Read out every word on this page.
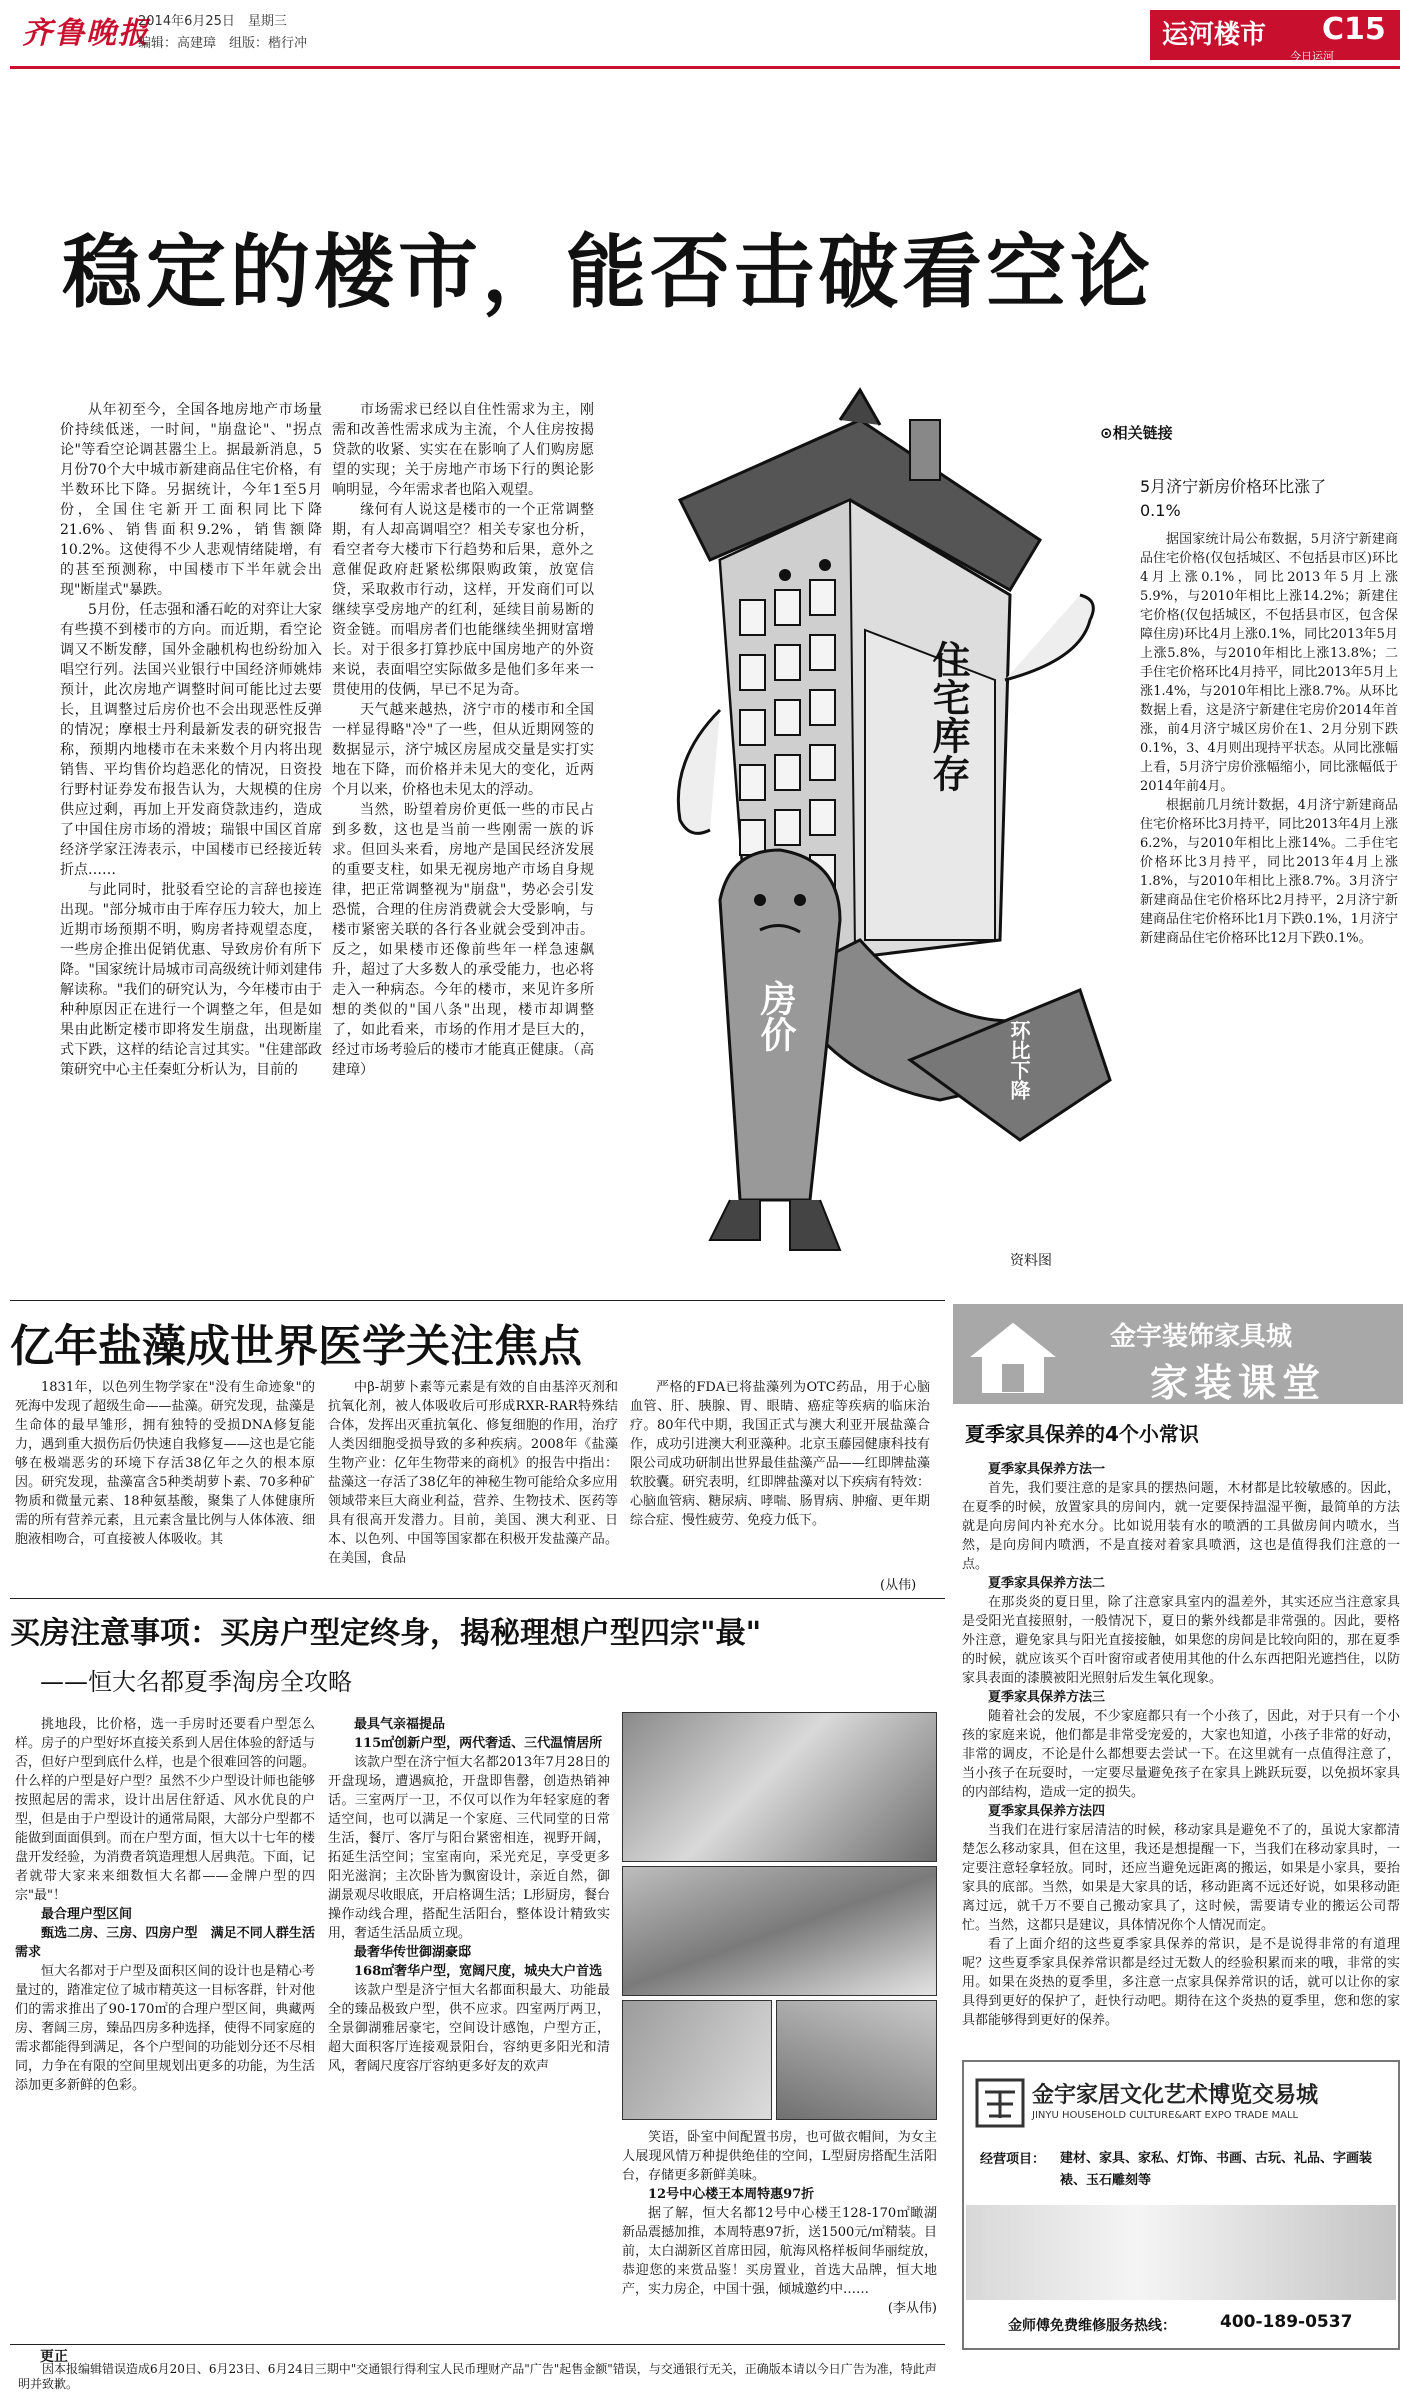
齐鲁晚报
2014年6月25日　星期三
编辑：高建璋　组版：楷行冲	运河楼市 C15
今日运河
稳定的楼市，能否击破看空论

从年初至今，全国各地房地产市场量价持续低迷，一时间，"崩盘论"、"拐点论"等看空论调甚嚣尘上。据最新消息，5月份70个大中城市新建商品住宅价格，有半数环比下降。另据统计，今年1至5月份，全国住宅新开工面积同比下降21.6%、销售面积9.2%，销售额降10.2%。这使得不少人悲观情绪陡增，有的甚至预测称，中国楼市下半年就会出现"断崖式"暴跌。

5月份，任志强和潘石屹的对弈让大家有些摸不到楼市的方向。而近期，看空论调又不断发酵，国外金融机构也纷纷加入唱空行列。法国兴业银行中国经济师姚炜预计，此次房地产调整时间可能比过去要长，且调整过后房价也不会出现恶性反弹的情况；摩根士丹利最新发表的研究报告称，预期内地楼市在未来数个月内将出现销售、平均售价均趋恶化的情况，日资投行野村证券发布报告认为，大规模的住房供应过剩，再加上开发商贷款违约，造成了中国住房市场的滑坡；瑞银中国区首席经济学家汪涛表示，中国楼市已经接近转折点……

与此同时，批驳看空论的言辞也接连出现。"部分城市由于库存压力较大，加上近期市场预期不明，购房者持观望态度，一些房企推出促销优惠、导致房价有所下降。"国家统计局城市司高级统计师刘建伟解读称。"我们的研究认为，今年楼市由于种种原因正在进行一个调整之年，但是如果由此断定楼市即将发生崩盘，出现断崖式下跌，这样的结论言过其实。"住建部政策研究中心主任秦虹分析认为，目前的

市场需求已经以自住性需求为主，刚需和改善性需求成为主流，个人住房按揭贷款的收紧、实实在在影响了人们购房愿望的实现；关于房地产市场下行的舆论影响明显，今年需求者也陷入观望。

缘何有人说这是楼市的一个正常调整期，有人却高调唱空？相关专家也分析，看空者夸大楼市下行趋势和后果，意外之意催促政府赶紧松绑限购政策，放宽信贷，采取救市行动，这样，开发商们可以继续享受房地产的红利，延续目前易断的资金链。而唱房者们也能继续坐拥财富增长。对于很多打算抄底中国房地产的外资来说，表面唱空实际做多是他们多年来一贯使用的伎俩，早已不足为奇。

天气越来越热，济宁市的楼市和全国一样显得略"冷"了一些，但从近期网签的数据显示，济宁城区房屋成交量是实打实地在下降，而价格并未见大的变化，近两个月以来，价格也未见太的浮动。

当然，盼望着房价更低一些的市民占到多数，这也是当前一些刚需一族的诉求。但回头来看，房地产是国民经济发展的重要支柱，如果无视房地产市场自身规律，把正常调整视为"崩盘"，势必会引发恐慌，合理的住房消费就会大受影响，与楼市紧密关联的各行各业就会受到冲击。反之，如果楼市还像前些年一样急速飙升，超过了大多数人的承受能力，也必将走入一种病态。今年的楼市，来见许多所想的类似的"国八条"出现，楼市却调整了，如此看来，市场的作用才是巨大的，经过市场考验后的楼市才能真正健康。（高建璋）

住宅库存
环比下降
房价
资料图
⊙相关链接
5月济宁新房价格环比涨了0.1%

据国家统计局公布数据，5月济宁新建商品住宅价格(仅包括城区、不包括县市区)环比4月上涨0.1%，同比2013年5月上涨5.9%，与2010年相比上涨14.2%；新建住宅价格(仅包括城区，不包括县市区，包含保障住房)环比4月上涨0.1%，同比2013年5月上涨5.8%，与2010年相比上涨13.8%；二手住宅价格环比4月持平，同比2013年5月上涨1.4%，与2010年相比上涨8.7%。从环比数据上看，这是济宁新建住宅房价2014年首涨，前4月济宁城区房价在1、2月分别下跌0.1%，3、4月则出现持平状态。从同比涨幅上看，5月济宁房价涨幅缩小，同比涨幅低于2014年前4月。

根据前几月统计数据，4月济宁新建商品住宅价格环比3月持平，同比2013年4月上涨6.2%，与2010年相比上涨14%。二手住宅价格环比3月持平，同比2013年4月上涨1.8%，与2010年相比上涨8.7%。3月济宁新建商品住宅价格环比2月持平，2月济宁新建商品住宅价格环比1月下跌0.1%，1月济宁新建商品住宅价格环比12月下跌0.1%。

亿年盐藻成世界医学关注焦点

1831年，以色列生物学家在"没有生命迹象"的死海中发现了超级生命——盐藻。研究发现，盐藻是生命体的最早雏形，拥有独特的受损DNA修复能力，遇到重大损伤后仍快速自我修复——这也是它能够在极端恶劣的环境下存活38亿年之久的根本原因。研究发现，盐藻富含5种类胡萝卜素、70多种矿物质和微量元素、18种氨基酸，聚集了人体健康所需的所有营养元素，且元素含量比例与人体体液、细胞液相吻合，可直接被人体吸收。其

中β-胡萝卜素等元素是有效的自由基淬灭剂和抗氧化剂，被人体吸收后可形成RXR-RAR特殊结合体，发挥出灭重抗氧化、修复细胞的作用，治疗人类因细胞受损导致的多种疾病。2008年《盐藻生物产业：亿年生物带来的商机》的报告中指出：盐藻这一存活了38亿年的神秘生物可能给众多应用领域带来巨大商业利益，营养、生物技术、医药等具有很高开发潜力。目前，美国、澳大利亚、日本、以色列、中国等国家都在积极开发盐藻产品。在美国，食品

严格的FDA已将盐藻列为OTC药品，用于心脑血管、肝、胰腺、胃、眼睛、癌症等疾病的临床治疗。80年代中期，我国正式与澳大利亚开展盐藻合作，成功引进澳大利亚藻种。北京玉藤园健康科技有限公司成功研制出世界最佳盐藻产品——红即牌盐藻软胶囊。研究表明，红即牌盐藻对以下疾病有特效：心脑血管病、糖尿病、哮喘、肠胃病、肿瘤、更年期综合症、慢性疲劳、免疫力低下。

(从伟)
买房注意事项：买房户型定终身，揭秘理想户型四宗"最"
——恒大名都夏季淘房全攻略

挑地段，比价格，选一手房时还要看户型怎么样。房子的户型好坏直接关系到人居住体验的舒适与否，但好户型到底什么样，也是个很难回答的问题。什么样的户型是好户型？虽然不少户型设计师也能够按照起居的需求，设计出居住舒适、风水优良的户型，但是由于户型设计的通常局限，大部分户型都不能做到面面俱到。而在户型方面，恒大以十七年的楼盘开发经验，为消费者筑造理想人居典范。下面，记者就带大家来来细数恒大名都——金牌户型的四宗"最"！

最合理户型区间

甄选二房、三房、四房户型　满足不同人群生活需求

恒大名都对于户型及面积区间的设计也是精心考量过的，踏准定位了城市精英这一目标客群，针对他们的需求推出了90-170㎡的合理户型区间，典藏两房、奢阔三房，臻品四房多种选择，使得不同家庭的需求都能得到满足，各个户型间的功能划分还不尽相同，力争在有限的空间里规划出更多的功能，为生活添加更多新鲜的色彩。

最具气亲福提品

115㎡创新户型，两代奢适、三代温情居所

该款户型在济宁恒大名都2013年7月28日的开盘现场，遭遇疯抢，开盘即售罄，创造热销神话。三室两厅一卫，不仅可以作为年轻家庭的奢适空间，也可以满足一个家庭、三代同堂的日常生活，餐厅、客厅与阳台紧密相连，视野开阔，拓延生活空间；宝室南向，采光充足，享受更多阳光滋润；主次卧皆为飘窗设计，亲近自然，御湖景观尽收眼底，开启格调生活；L形厨房，餐台操作动线合理，搭配生活阳台，整体设计精致实用，奢适生活品质立现。

最奢华传世御湖豪邸

168㎡奢华户型，宽阔尺度，城央大户首选

该款户型是济宁恒大名都面积最大、功能最全的臻品极致户型，供不应求。四室两厅两卫，全景御湖雅居豪宅，空间设计感饱，户型方正，超大面积客厅连接观景阳台，容纳更多阳光和清风，奢阔尺度容厅容纳更多好友的欢声

笑语，卧室中间配置书房，也可做衣帽间，为女主人展现风情万种提供绝佳的空间，L型厨房搭配生活阳台，存储更多新鲜美味。

12号中心楼王本周特惠97折

据了解，恒大名都12号中心楼王128-170㎡瞰湖新品震撼加推，本周特惠97折，送1500元/㎡精装。目前，太白湖新区首席田园，航海风格样板间华丽绽放，恭迎您的来赏品鉴！买房置业，首选大品牌，恒大地产，实力房企，中国十强，倾城邀约中……

(李从伟)

金宇装饰家具城
家装课堂
夏季家具保养的4个小常识

夏季家具保养方法一

首先，我们要注意的是家具的摆热问题，木材都是比较敏感的。因此，在夏季的时候，放置家具的房间内，就一定要保持温湿平衡，最简单的方法就是向房间内补充水分。比如说用装有水的喷洒的工具做房间内喷水，当然，是向房间内喷洒，不是直接对着家具喷洒，这也是值得我们注意的一点。

夏季家具保养方法二

在那炎炎的夏日里，除了注意家具室内的温差外，其实还应当注意家具是受阳光直接照射，一般情况下，夏日的紫外线都是非常强的。因此，要格外注意，避免家具与阳光直接接触，如果您的房间是比较向阳的，那在夏季的时候，就应该买个百叶窗帘或者使用其他的什么东西把阳光遮挡住，以防家具表面的漆膜被阳光照射后发生氧化现象。

夏季家具保养方法三

随着社会的发展，不少家庭都只有一个小孩了，因此，对于只有一个小孩的家庭来说，他们都是非常受宠爱的，大家也知道，小孩子非常的好动，非常的调皮，不论是什么都想要去尝试一下。在这里就有一点值得注意了，当小孩子在玩耍时，一定要尽量避免孩子在家具上跳跃玩耍，以免损坏家具的内部结构，造成一定的损失。

夏季家具保养方法四

当我们在进行家居清洁的时候，移动家具是避免不了的，虽说大家都清楚怎么移动家具，但在这里，我还是想提醒一下，当我们在移动家具时，一定要注意轻拿轻放。同时，还应当避免远距离的搬运，如果是小家具，要抬家具的底部。当然，如果是大家具的话，移动距离不远还好说，如果移动距离过远，就千万不要自己搬动家具了，这时候，需要请专业的搬运公司帮忙。当然，这都只是建议，具体情况你个人情况而定。

看了上面介绍的这些夏季家具保养的常识，是不是说得非常的有道理呢？这些夏季家具保养常识都是经过无数人的经验积累而来的哦，非常的实用。如果在炎热的夏季里，多注意一点家具保养常识的话，就可以让你的家具得到更好的保护了，赶快行动吧。期待在这个炎热的夏季里，您和您的家具都能够得到更好的保养。

金宇家居文化艺术博览交易城
JINYU HOUSEHOLD CULTURE&ART EXPO TRADE MALL
经营项目： 建材、家具、家私、灯饰、书画、古玩、礼品、字画装裱、玉石雕刻等
金师傅免费维修服务热线：	400-189-0537
更正
因本报编辑错误造成6月20日、6月23日、6月24日三期中"交通银行得利宝人民币理财产品"广告"起售金额"错误，与交通银行无关，正确版本请以今日广告为准，特此声明并致歉。
